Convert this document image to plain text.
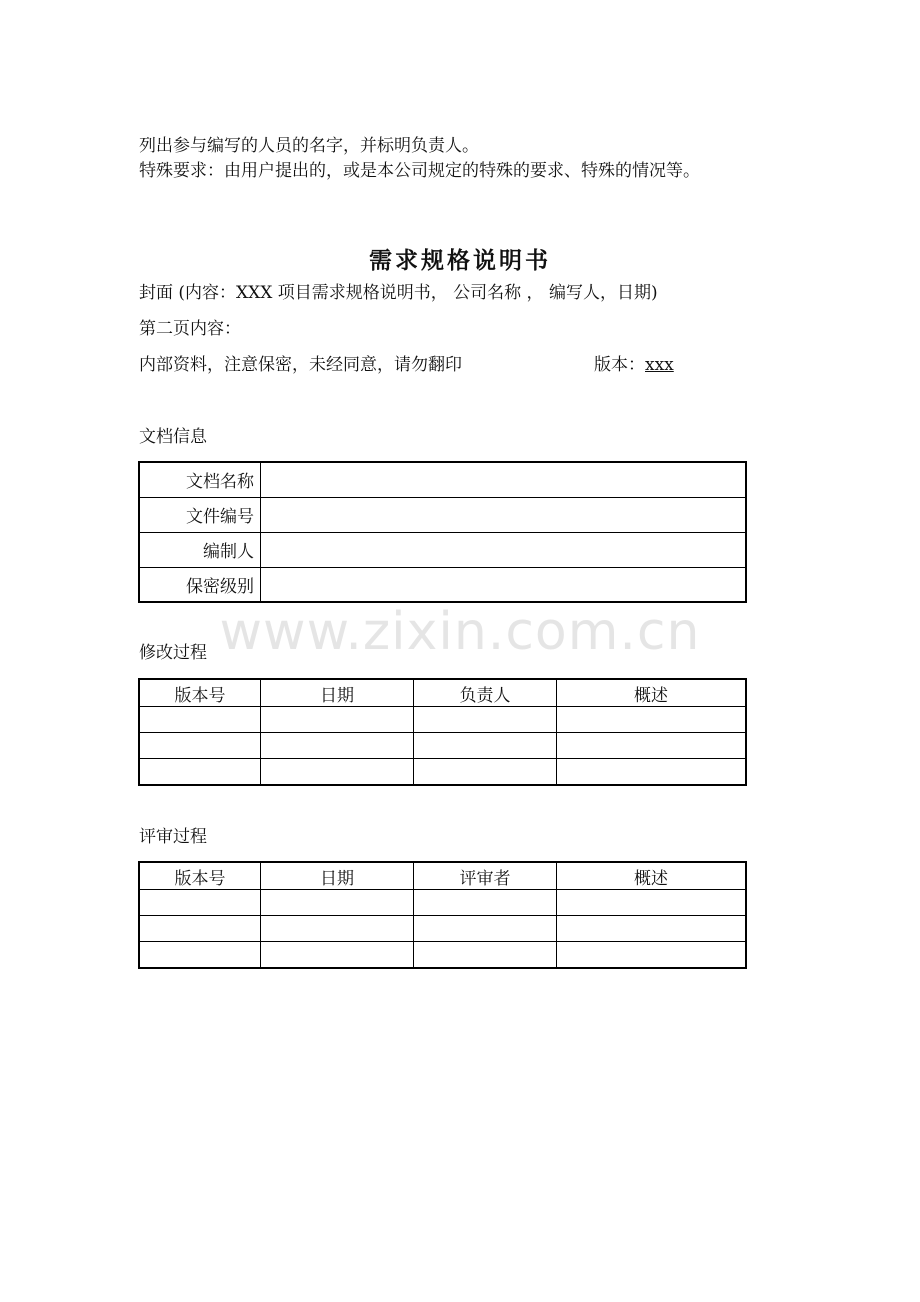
列出参与编写的人员的名字，并标明负责人。
特殊要求：由用户提出的，或是本公司规定的特殊的要求、特殊的情况等。
需求规格说明书
封面 (内容：XXX 项目需求规格说明书， 公司名称 ， 编写人，日期)
第二页内容：
内部资料，注意保密，未经同意，请勿翻印	版本：xxx
文档信息
文档名称	
文件编号	
编制人	
保密级别	
www.zixin.com.cn
修改过程
版本号	日期	负责人	概述

评审过程
版本号	日期	评审者	概述
